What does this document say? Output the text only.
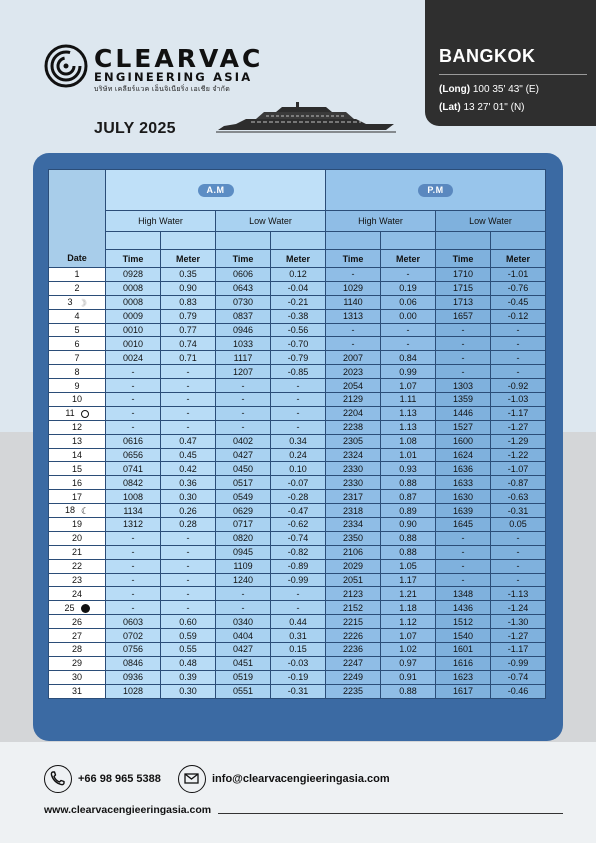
CLEARVAC
ENGINEERING ASIA
บริษัท เคลียร์แวค เอ็นจิเนียริ่ง เอเชีย จำกัด
JULY 2025
BANGKOK
(Long) 100 35' 43" (E)
(Lat) 13 27' 01" (N)
Date	A.M				P.M			
	High Water		Low Water		High Water		Low Water	

	Time	Meter	Time	Meter	Time	Meter	Time	Meter
1	0928	0.35	0606	0.12	-	-	1710	-1.01
2	0008	0.90	0643	-0.04	1029	0.19	1715	-0.76
3 ☽	0008	0.83	0730	-0.21	1140	0.06	1713	-0.45
4	0009	0.79	0837	-0.38	1313	0.00	1657	-0.12
5	0010	0.77	0946	-0.56	-	-	-	-
6	0010	0.74	1033	-0.70	-	-	-	-
7	0024	0.71	1117	-0.79	2007	0.84	-	-
8	-	-	1207	-0.85	2023	0.99	-	-
9	-	-	-	-	2054	1.07	1303	-0.92
10	-	-	-	-	2129	1.11	1359	-1.03
11	-	-	-	-	2204	1.13	1446	-1.17
12	-	-	-	-	2238	1.13	1527	-1.27
13	0616	0.47	0402	0.34	2305	1.08	1600	-1.29
14	0656	0.45	0427	0.24	2324	1.01	1624	-1.22
15	0741	0.42	0450	0.10	2330	0.93	1636	-1.07
16	0842	0.36	0517	-0.07	2330	0.88	1633	-0.87
17	1008	0.30	0549	-0.28	2317	0.87	1630	-0.63
18 ☾	1134	0.26	0629	-0.47	2318	0.89	1639	-0.31
19	1312	0.28	0717	-0.62	2334	0.90	1645	0.05
20	-	-	0820	-0.74	2350	0.88	-	-
21	-	-	0945	-0.82	2106	0.88	-	-
22	-	-	1109	-0.89	2029	1.05	-	-
23	-	-	1240	-0.99	2051	1.17	-	-
24	-	-	-	-	2123	1.21	1348	-1.13
25	-	-	-	-	2152	1.18	1436	-1.24
26	0603	0.60	0340	0.44	2215	1.12	1512	-1.30
27	0702	0.59	0404	0.31	2226	1.07	1540	-1.27
28	0756	0.55	0427	0.15	2236	1.02	1601	-1.17
29	0846	0.48	0451	-0.03	2247	0.97	1616	-0.99
30	0936	0.39	0519	-0.19	2249	0.91	1623	-0.74
31	1028	0.30	0551	-0.31	2235	0.88	1617	-0.46
+66 98 965 5388	info@clearvacengieeringasia.com
www.clearvacengieeringasia.com
